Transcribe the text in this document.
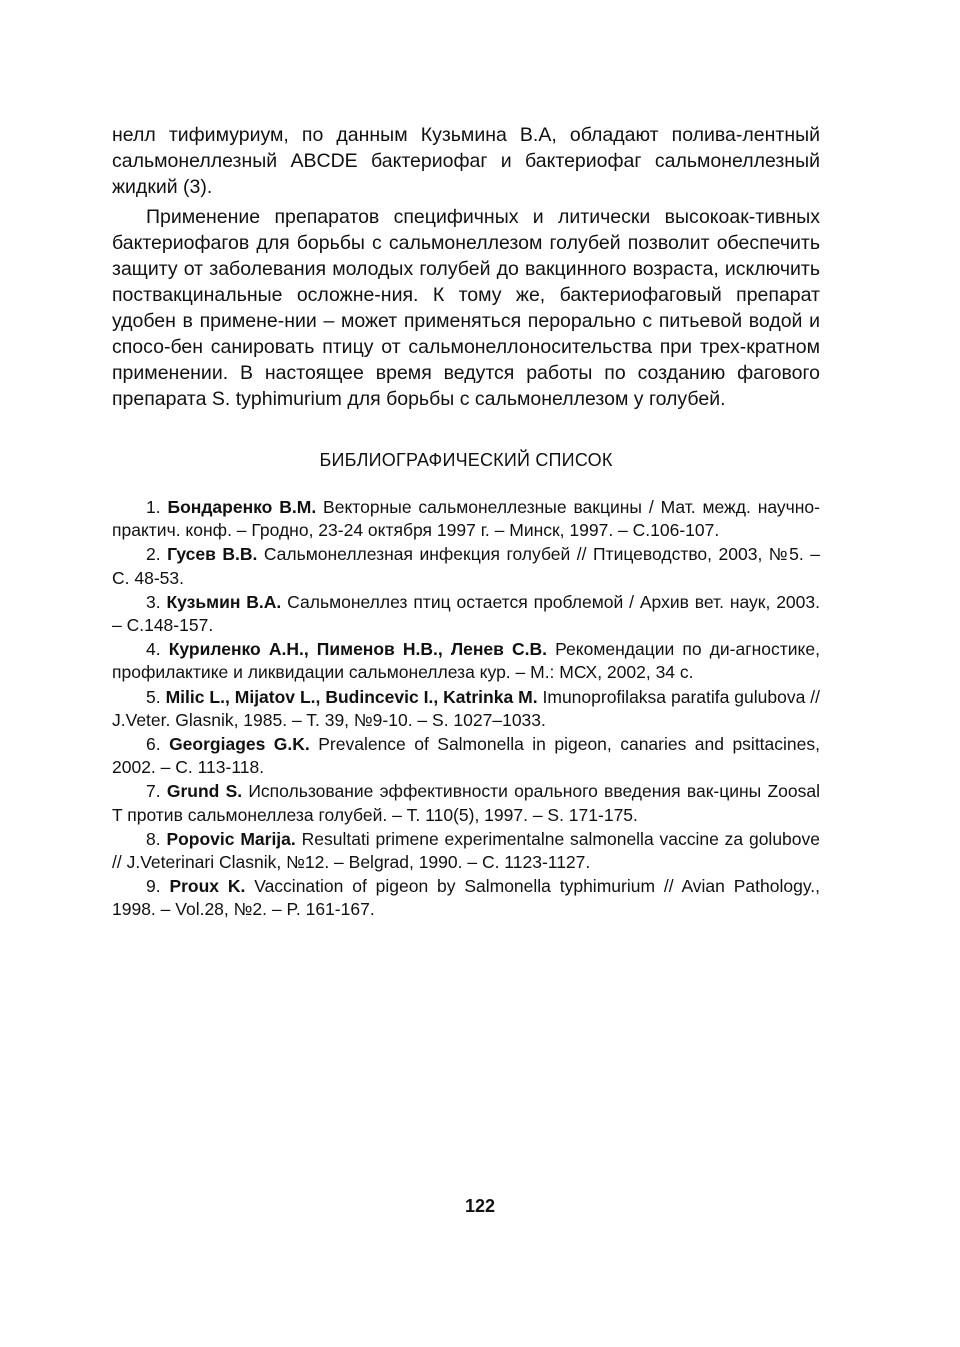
нелл тифимуриум, по данным Кузьмина В.А, обладают полива-лентный сальмонеллезный ABCDE бактериофаг и бактериофаг сальмонеллезный жидкий (3).

Применение препаратов специфичных и литически высокоак-тивных бактериофагов для борьбы с сальмонеллезом голубей позволит обеспечить защиту от заболевания молодых голубей до вакцинного возраста, исключить поствакцинальные осложне-ния. К тому же, бактериофаговый препарат удобен в примене-нии – может применяться перорально с питьевой водой и спосо-бен санировать птицу от сальмонеллоносительства при трех-кратном применении. В настоящее время ведутся работы по созданию фагового препарата S. typhimurium для борьбы с сальмонеллезом у голубей.

БИБЛИОГРАФИЧЕСКИЙ СПИСОК
1. Бондаренко В.М. Векторные сальмонеллезные вакцины / Мат. межд. научно-практич. конф. – Гродно, 23-24 октября 1997 г. – Минск, 1997. – С.106-107.
2. Гусев В.В. Сальмонеллезная инфекция голубей // Птицеводство, 2003, №5. – С. 48-53.
3. Кузьмин В.А. Сальмонеллез птиц остается проблемой / Архив вет. наук, 2003. – С.148-157.
4. Куриленко А.Н., Пименов Н.В., Ленев С.В. Рекомендации по ди-агностике, профилактике и ликвидации сальмонеллеза кур. – М.: МСХ, 2002, 34 с.
5. Milic L., Mijatov L., Budincevic I., Katrinka M. Imunoprofilaksa paratifa gulubova // J.Veter. Glasnik, 1985. – T. 39, №9-10. – S. 1027–1033.
6. Georgiages G.K. Prevalence of Salmonella in pigeon, canaries and psittacines, 2002. – C. 113-118.
7. Grund S. Использование эффективности орального введения вак-цины Zoosal T против сальмонеллеза голубей. – T. 110(5), 1997. – S. 171-175.
8. Popovic Marija. Resultati primene experimentalne salmonella vaccine za golubove // J.Veterinari Clasnik, №12. – Belgrad, 1990. – C. 1123-1127.
9. Proux K. Vaccination of pigeon by Salmonella typhimurium // Avian Pathology., 1998. – Vol.28, №2. – P. 161-167.
122
